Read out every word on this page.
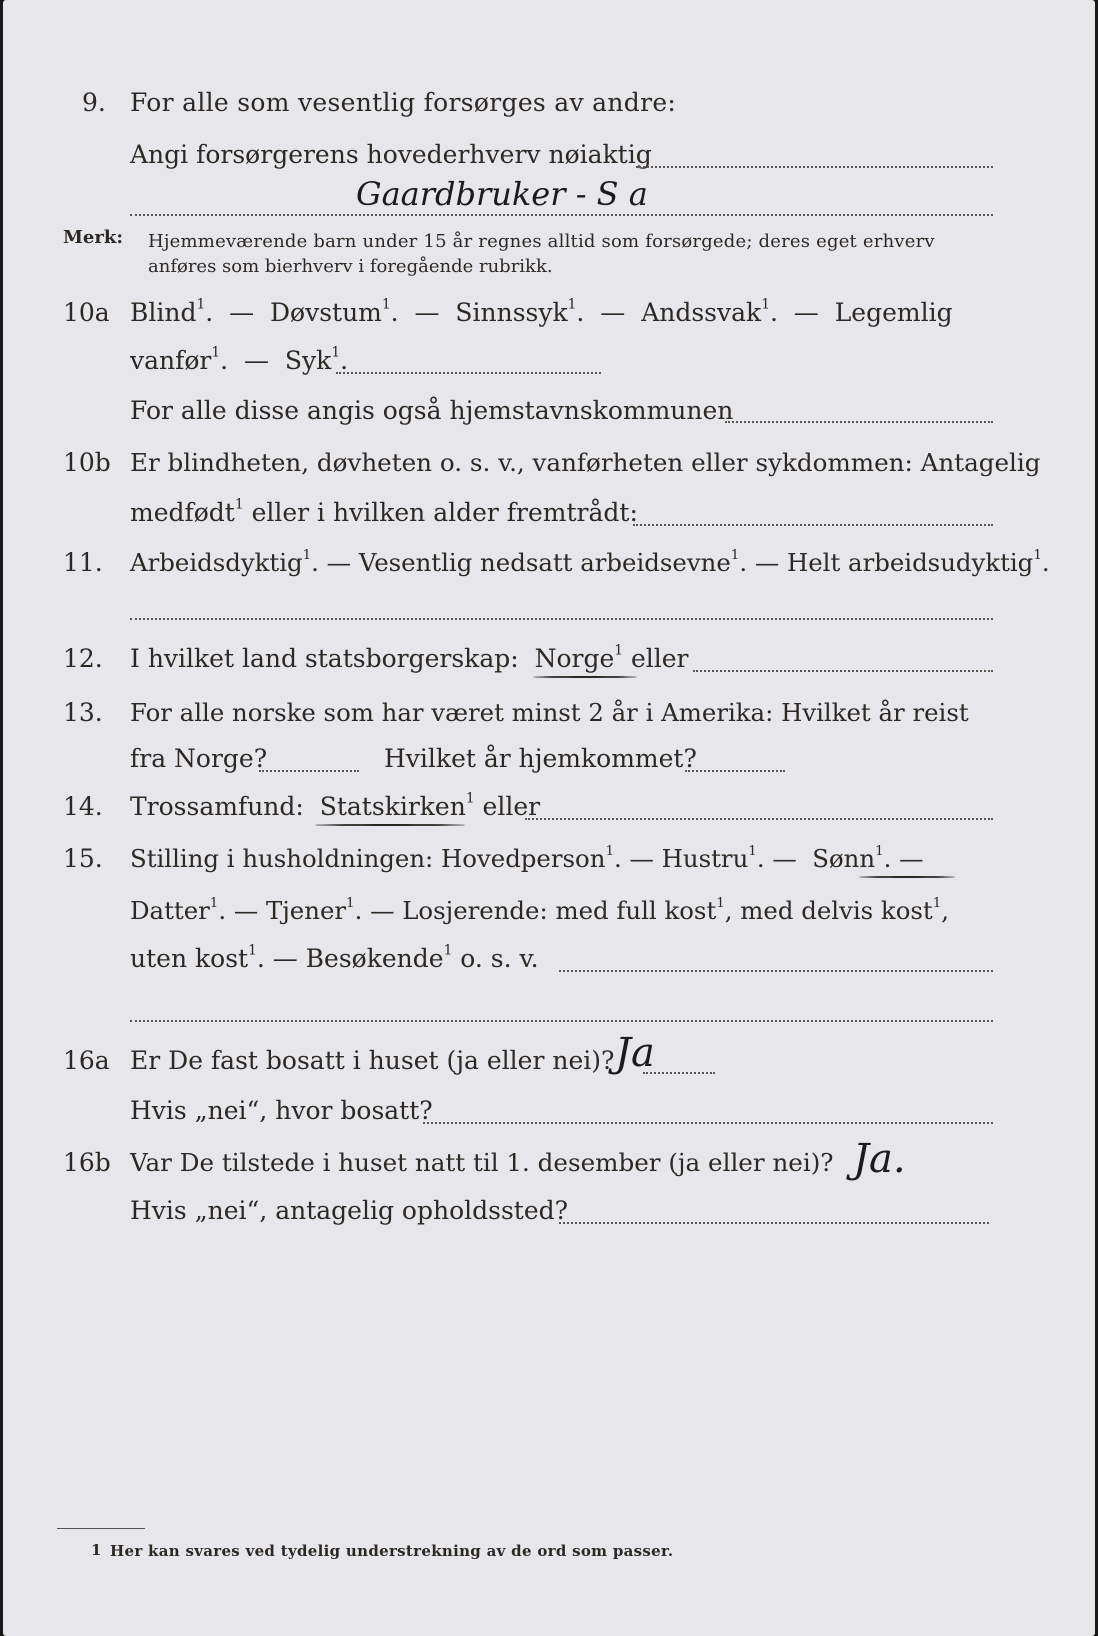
9. For alle som vesentlig forsørges av andre:
Angi forsørgerens hovederhverv nøiaktig
Gaardbruker - S a
Merk: Hjemmeværende barn under 15 år regnes alltid som forsørgede; deres eget erhverv
anføres som bierhverv i foregående rubrikk.
10a Blind$^1$. — Døvstum$^1$. — Sinnssyk$^1$. — Andssvak$^1$. — Legemlig
vanfør$^1$. — Syk$^1$.
For alle disse angis også hjemstavnskommunen
10b Er blindheten, døvheten o. s. v., vanførheten eller sykdommen: Antagelig
medfødt$^1$ eller i hvilken alder fremtrådt:
11. Arbeidsdyktig$^1$. — Vesentlig nedsatt arbeidsevne$^1$. — Helt arbeidsudyktig$^1$.
12. I hvilket land statsborgerskap: Norge$^1$ eller
13. For alle norske som har været minst 2 år i Amerika: Hvilket år reist
fra Norge?	Hvilket år hjemkommet?
14. Trossamfund: Statskirken$^1$ eller
15. Stilling i husholdningen: Hovedperson$^1$. — Hustru$^1$. — Sønn$^1$. —
Datter$^1$. — Tjener$^1$. — Losjerende: med full kost$^1$, med delvis kost$^1$,
uten kost$^1$. — Besøkende$^1$ o. s. v.
16a Er De fast bosatt i huset (ja eller nei)? Ja
Hvis „nei“, hvor bosatt?
16b Var De tilstede i huset natt til 1. desember (ja eller nei)? Ja.
Hvis „nei“, antagelig opholdssted?
1 Her kan svares ved tydelig understrekning av de ord som passer.
